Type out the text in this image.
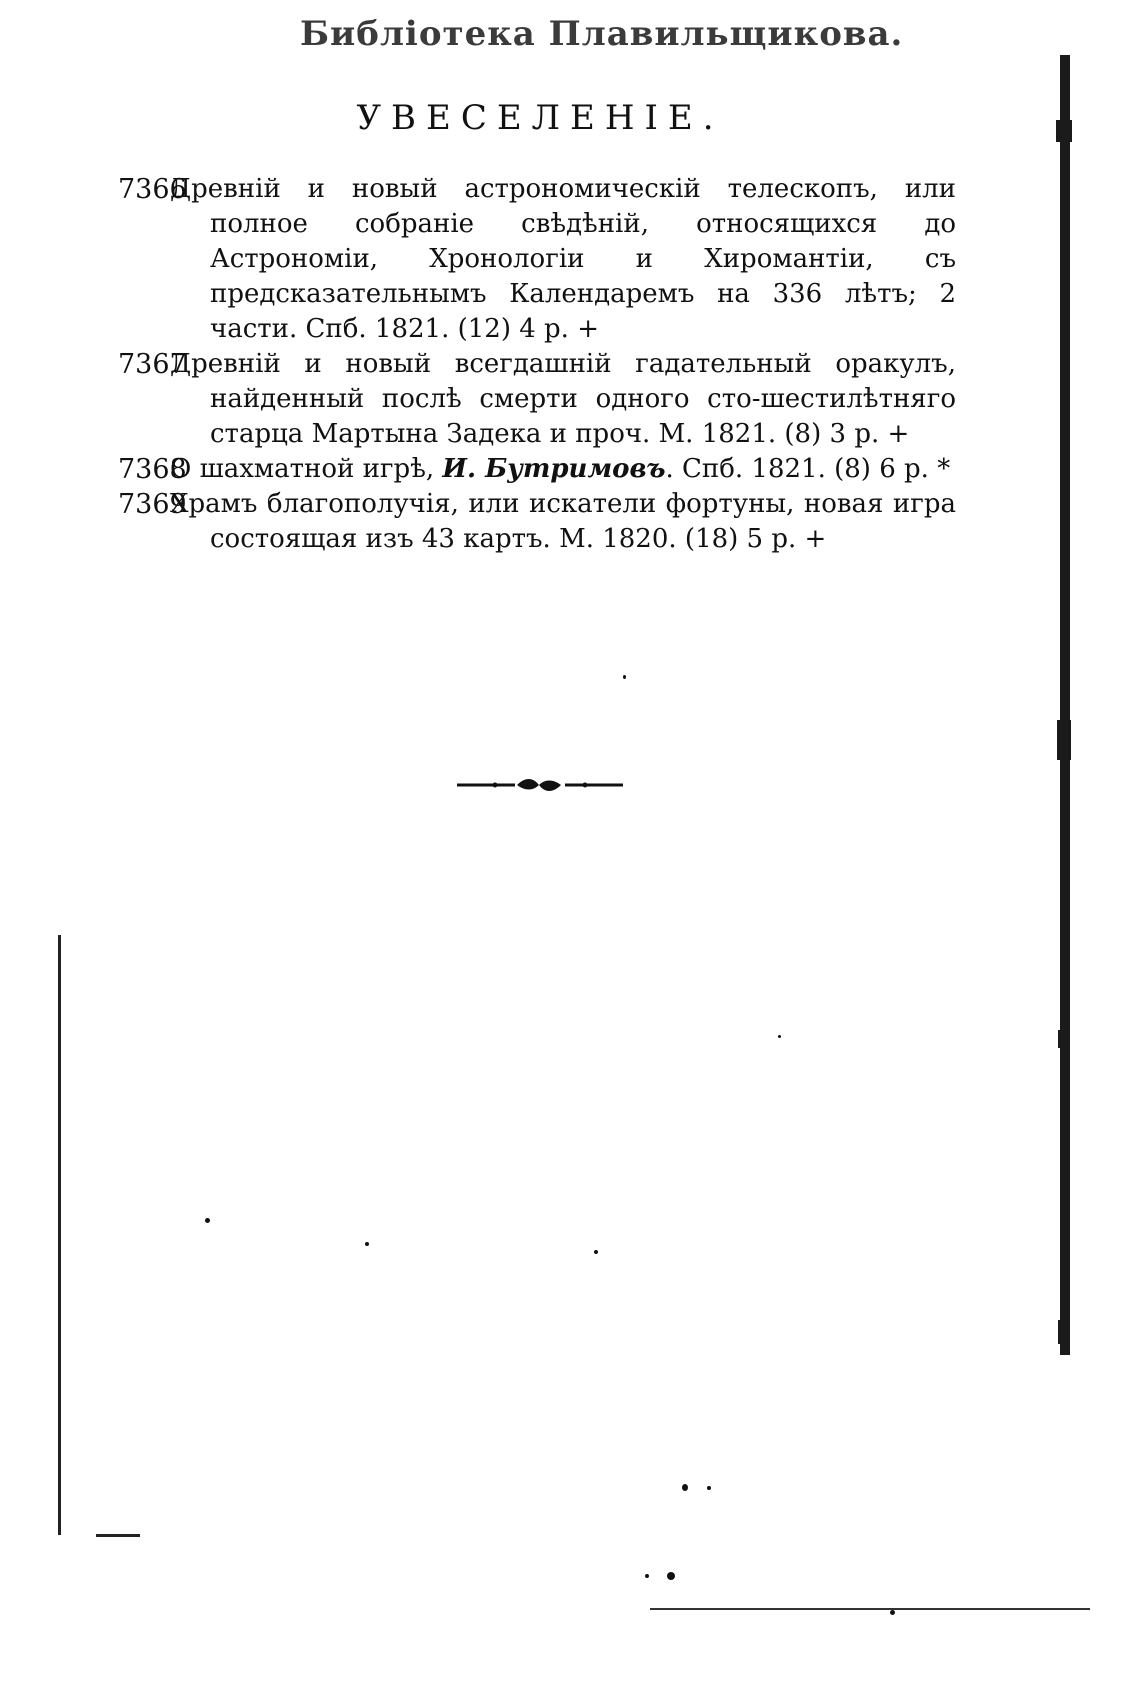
Библіотека Плавильщикова.
УВЕСЕЛЕНІЕ.
7366
Древній и новый астрономическій телескопъ, или полное собраніе свѣдѣній, относящихся до Астрономіи, Хронологіи и Хиромантіи, съ предсказательнымъ Календаремъ на 336 лѣтъ; 2 части. Спб. 1821. (12) 4 р. +
7367
Древній и новый всегдашній гадательный оракулъ, найденный послѣ смерти одного сто-шестилѣтняго старца Мартына Задека и проч. М. 1821. (8) 3 р. +
7368
О шахматной игрѣ, И. Бутримовъ. Спб. 1821. (8) 6 р. *
7369
Храмъ благополучія, или искатели фортуны, новая игра состоящая изъ 43 картъ. М. 1820. (18) 5 р. +
